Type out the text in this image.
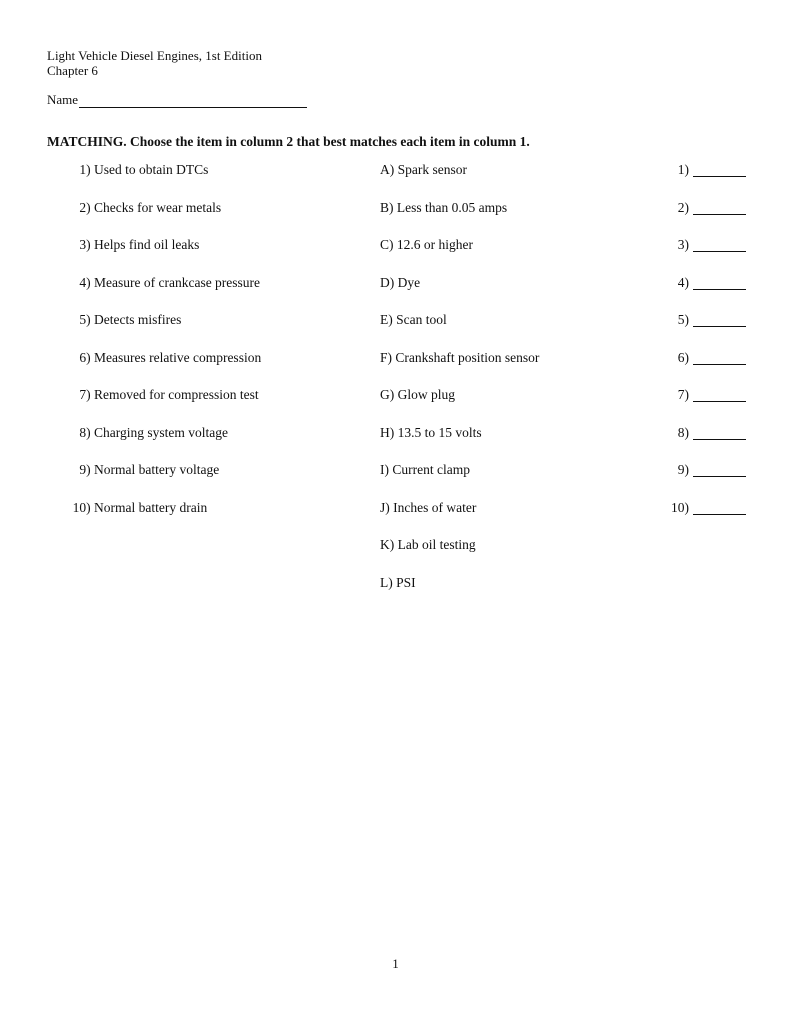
Light Vehicle Diesel Engines, 1st Edition
Chapter 6
Name
MATCHING. Choose the item in column 2 that best matches each item in column 1.
1) Used to obtain DTCs	A) Spark sensor	1)
2) Checks for wear metals	B) Less than 0.05 amps	2)
3) Helps find oil leaks	C) 12.6 or higher	3)
4) Measure of crankcase pressure	D) Dye	4)
5) Detects misfires	E) Scan tool	5)
6) Measures relative compression	F) Crankshaft position sensor	6)
7) Removed for compression test	G) Glow plug	7)
8) Charging system voltage	H) 13.5 to 15 volts	8)
9) Normal battery voltage	I) Current clamp	9)
10) Normal battery drain	J) Inches of water	10)
K) Lab oil testing
L) PSI
1
